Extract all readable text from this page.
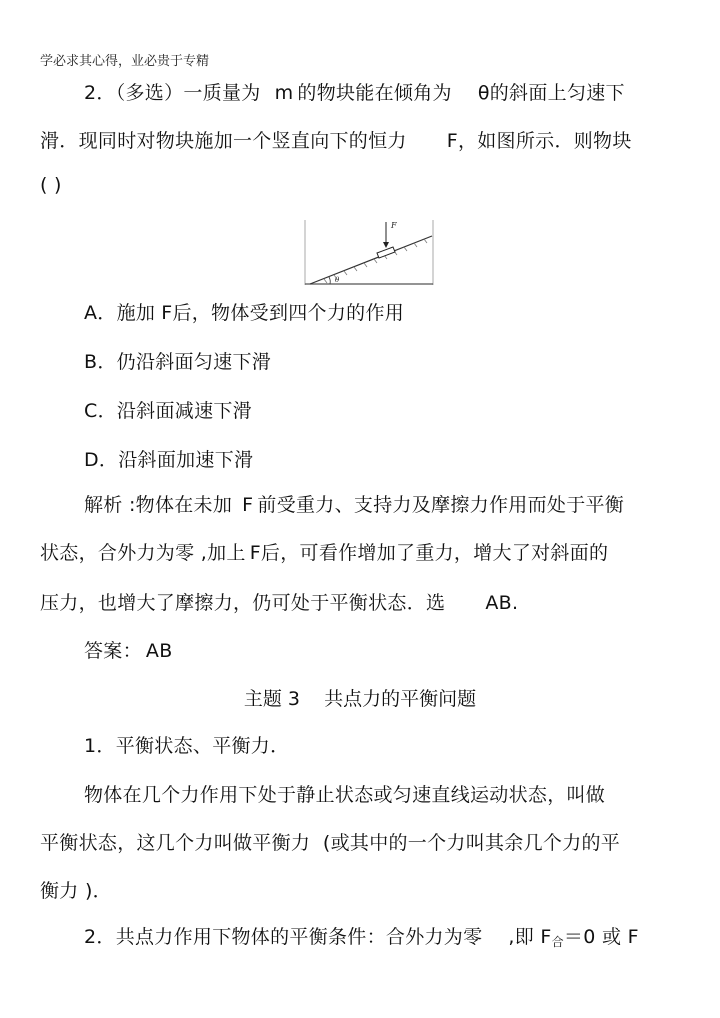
学必求其心得，业必贵于专精
2．（多选）一质量为 m 的物块能在倾角为 θ的斜面上匀速下
滑．现同时对物块施加一个竖直向下的恒力 F，如图所示．则物块
( )
F
θ
A．施加 F后，物体受到四个力的作用
B．仍沿斜面匀速下滑
C．沿斜面减速下滑
D．沿斜面加速下滑
解析 :物体在未加 F 前受重力、支持力及摩擦力作用而处于平衡
状态，合外力为零 ,加上 F后，可看作增加了重力，增大了对斜面的
压力，也增大了摩擦力，仍可处于平衡状态．选 AB.
答案： AB
主题 3    共点力的平衡问题
1．平衡状态、平衡力．
物体在几个力作用下处于静止状态或匀速直线运动状态，叫做
平衡状态，这几个力叫做平衡力  (或其中的一个力叫其余几个力的平
衡力 )．
2．共点力作用下物体的平衡条件：合外力为零 ,即 $F_合=0$ 或 F
